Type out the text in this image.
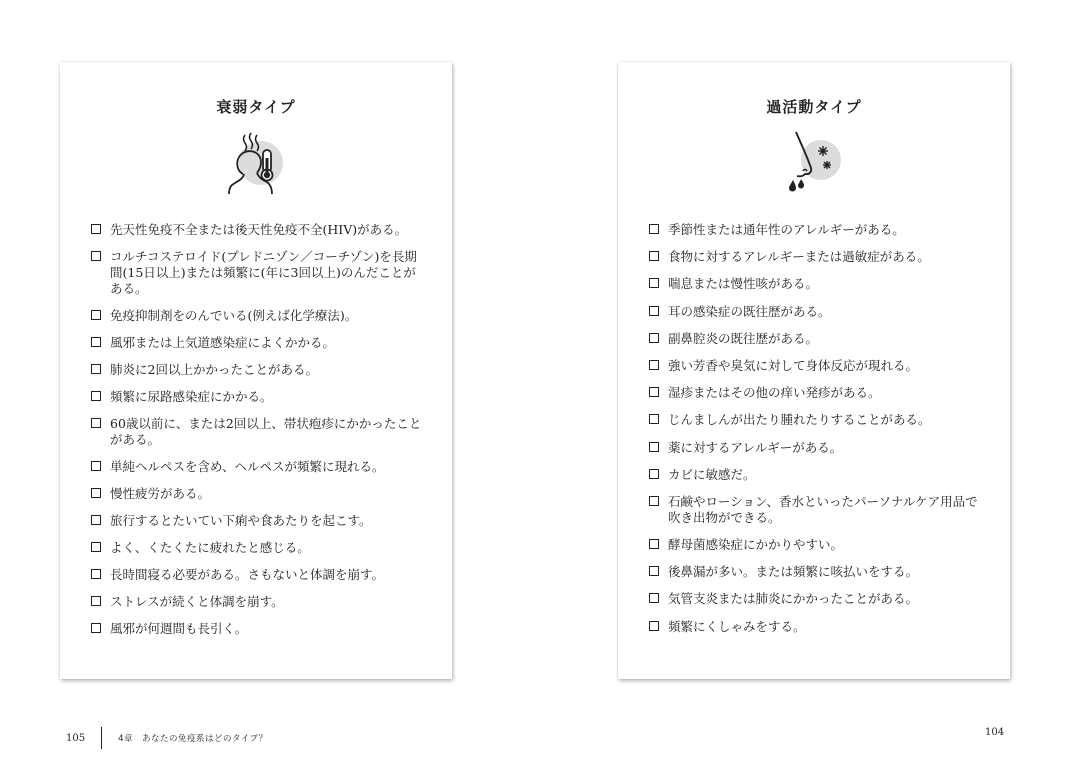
衰弱タイプ
先天性免疫不全または後天性免疫不全(HIV)がある。
コルチコステロイド(プレドニゾン／コーチゾン)を長期間(15日以上)または頻繁に(年に3回以上)のんだことがある。
免疫抑制剤をのんでいる(例えば化学療法)。
風邪または上気道感染症によくかかる。
肺炎に2回以上かかったことがある。
頻繁に尿路感染症にかかる。
60歳以前に、または2回以上、帯状疱疹にかかったことがある。
単純ヘルペスを含め、ヘルペスが頻繁に現れる。
慢性疲労がある。
旅行するとたいてい下痢や食あたりを起こす。
よく、くたくたに疲れたと感じる。
長時間寝る必要がある。さもないと体調を崩す。
ストレスが続くと体調を崩す。
風邪が何週間も長引く。
過活動タイプ
季節性または通年性のアレルギーがある。
食物に対するアレルギーまたは過敏症がある。
喘息または慢性咳がある。
耳の感染症の既往歴がある。
副鼻腔炎の既往歴がある。
強い芳香や臭気に対して身体反応が現れる。
湿疹またはその他の痒い発疹がある。
じんましんが出たり腫れたりすることがある。
薬に対するアレルギーがある。
カビに敏感だ。
石鹸やローション、香水といったパーソナルケア用品で吹き出物ができる。
酵母菌感染症にかかりやすい。
後鼻漏が多い。または頻繁に咳払いをする。
気管支炎または肺炎にかかったことがある。
頻繁にくしゃみをする。
105	4章　あなたの免疫系はどのタイプ？
104
